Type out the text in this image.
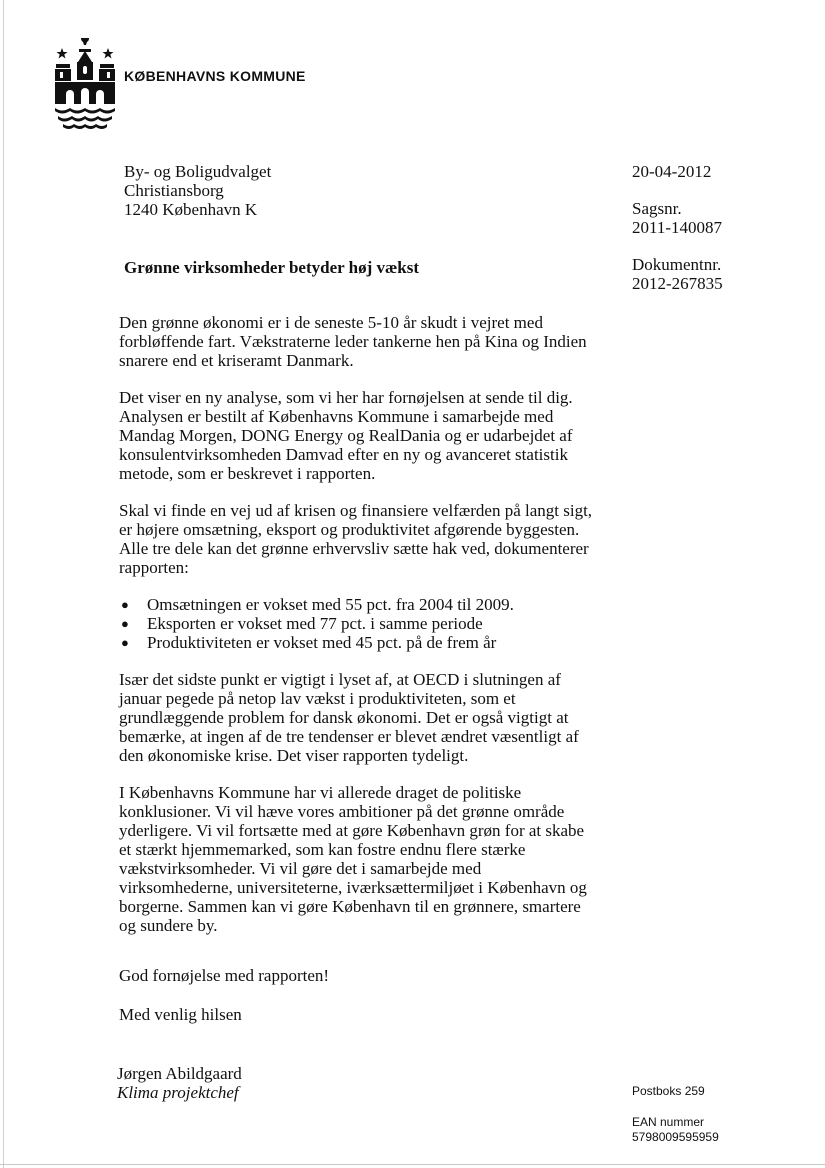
KØBENHAVNS KOMMUNE
By- og Boligudvalget
Christiansborg
1240 København K
20-04-2012
Sagsnr.
2011-140087
Dokumentnr.
2012-267835
Grønne virksomheder betyder høj vækst

Den grønne økonomi er i de seneste 5-10 år skudt i vejret med
forbløffende fart. Vækstraterne leder tankerne hen på Kina og Indien
snarere end et kriseramt Danmark.

Det viser en ny analyse, som vi her har fornøjelsen at sende til dig.
Analysen er bestilt af Københavns Kommune i samarbejde med
Mandag Morgen, DONG Energy og RealDania og er udarbejdet af
konsulentvirksomheden Damvad efter en ny og avanceret statistik
metode, som er beskrevet i rapporten.

Skal vi finde en vej ud af krisen og finansiere velfærden på langt sigt,
er højere omsætning, eksport og produktivitet afgørende byggesten.
Alle tre dele kan det grønne erhvervsliv sætte hak ved, dokumenterer
rapporten:

● Omsætningen er vokset med 55 pct. fra 2004 til 2009.
● Eksporten er vokset med 77 pct. i samme periode
● Produktiviteten er vokset med 45 pct. på de frem år

Især det sidste punkt er vigtigt i lyset af, at OECD i slutningen af
januar pegede på netop lav vækst i produktiviteten, som et
grundlæggende problem for dansk økonomi. Det er også vigtigt at
bemærke, at ingen af de tre tendenser er blevet ændret væsentligt af
den økonomiske krise. Det viser rapporten tydeligt.

I Københavns Kommune har vi allerede draget de politiske
konklusioner. Vi vil hæve vores ambitioner på det grønne område
yderligere. Vi vil fortsætte med at gøre København grøn for at skabe
et stærkt hjemmemarked, som kan fostre endnu flere stærke
vækstvirksomheder. Vi vil gøre det i samarbejde med
virksomhederne, universiteterne, iværksættermiljøet i København og
borgerne. Sammen kan vi gøre København til en grønnere, smartere
og sundere by.

God fornøjelse med rapporten!
Med venlig hilsen
Jørgen Abildgaard
Klima projektchef	Postboks 259
EAN nummer
5798009595959
